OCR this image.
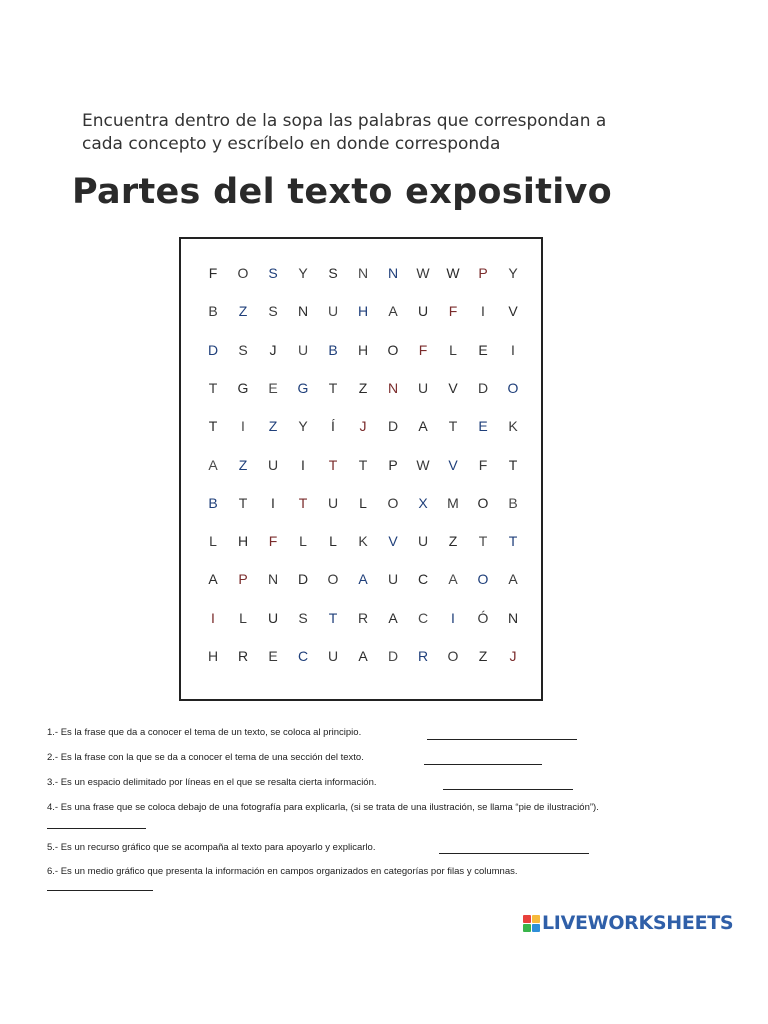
Encuentra dentro de la sopa las palabras que correspondan a
cada concepto y escríbelo en donde corresponda
Partes del texto expositivo
F	O	S	Y	S	N	N	W	W	P	Y
B	Z	S	N	U	H	A	U	F	I	V
D	S	J	U	B	H	O	F	L	E	I
T	G	E	G	T	Z	N	U	V	D	O
T	I	Z	Y	Í	J	D	A	T	E	K
A	Z	U	I	T	T	P	W	V	F	T
B	T	I	T	U	L	O	X	M	O	B
L	H	F	L	L	K	V	U	Z	T	T
A	P	N	D	O	A	U	C	A	O	A
I	L	U	S	T	R	A	C	I	Ó	N
H	R	E	C	U	A	D	R	O	Z	J
1.- Es la frase que da a conocer el tema de un texto, se coloca al principio.
2.- Es la frase con la que se da a conocer el tema de una sección del texto.
3.- Es un espacio delimitado por líneas en el que se resalta cierta información.
4.- Es una frase que se coloca debajo de una fotografía para explicarla, (si se trata de una ilustración, se llama “pie de ilustración”).
5.- Es un recurso gráfico que se acompaña al texto para apoyarlo y explicarlo.
6.- Es un medio gráfico que presenta la información en campos organizados en categorías por filas y columnas.
LIVEWORKSHEETS
